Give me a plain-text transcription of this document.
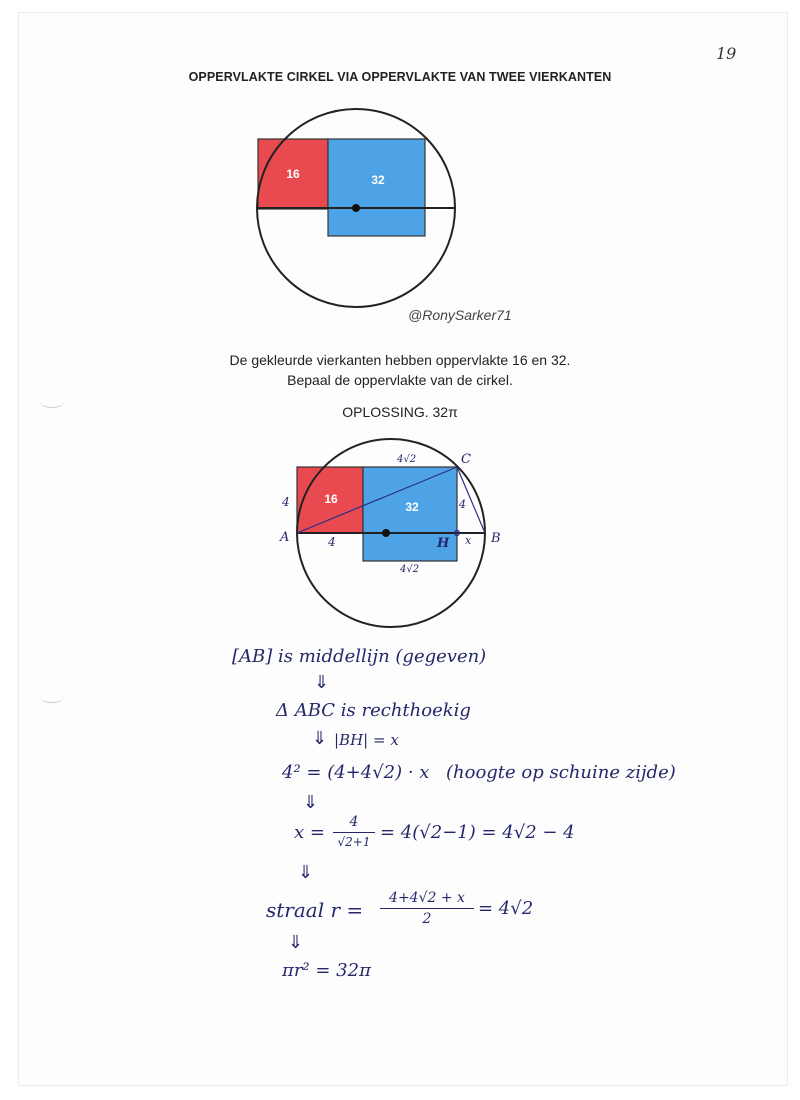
19
OPPERVLAKTE CIRKEL VIA OPPERVLAKTE VAN TWEE VIERKANTEN
16	32
@RonySarker71
De gekleurde vierkanten hebben oppervlakte 16 en 32.
Bepaal de oppervlakte van de cirkel.
OPLOSSING. 32π
16
32
A	B
C
H
4
4
4√2
4√2
4
x
[AB] is middellijn (gegeven)
⇓
Δ ABC is rechthoekig
⇓ |BH| = x
4² = (4+4√2) · x (hoogte op schuine zijde)
⇓
x =	4
√2+1 = 4(√2−1) = 4√2 − 4
⇓
straal r =	4+4√2 + x
2	= 4√2
⇓
πr² = 32π
